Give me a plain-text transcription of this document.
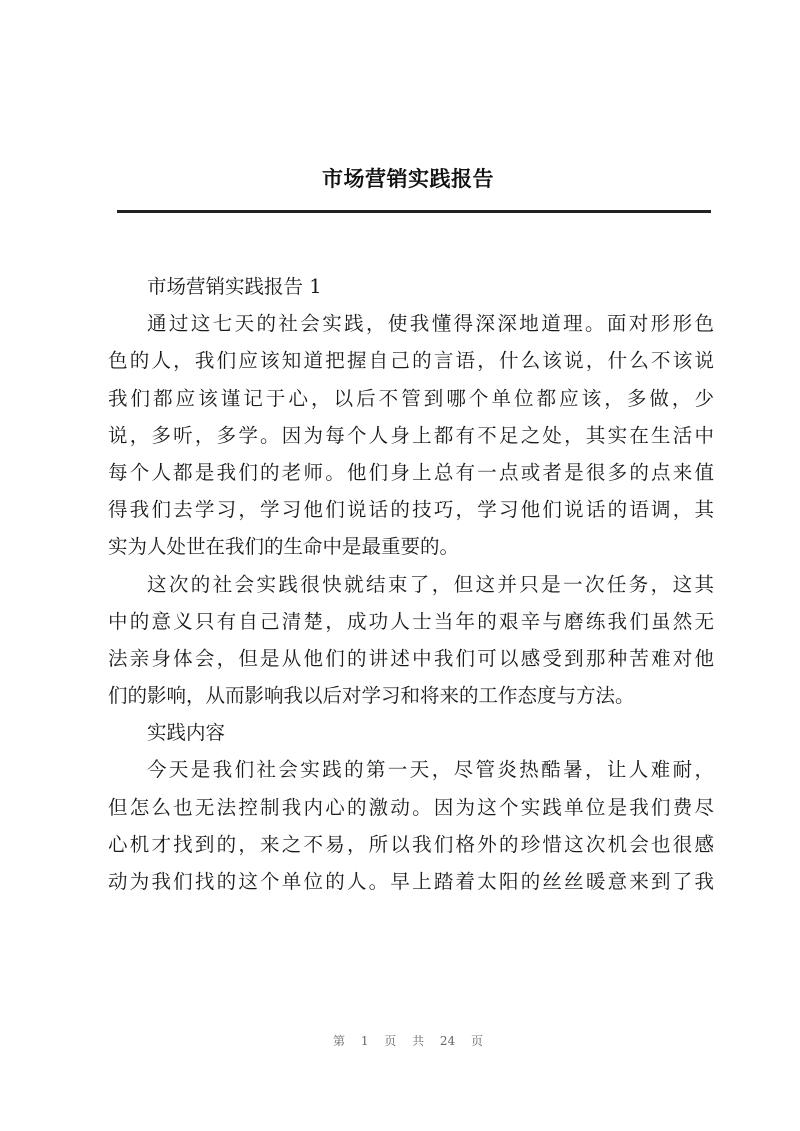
市场营销实践报告
市场营销实践报告 1
通过这七天的社会实践，使我懂得深深地道理。面对形形色
色的人，我们应该知道把握自己的言语，什么该说，什么不该说
我们都应该谨记于心，以后不管到哪个单位都应该，多做，少
说，多听，多学。因为每个人身上都有不足之处，其实在生活中
每个人都是我们的老师。他们身上总有一点或者是很多的点来值
得我们去学习，学习他们说话的技巧，学习他们说话的语调，其
实为人处世在我们的生命中是最重要的。
这次的社会实践很快就结束了，但这并只是一次任务，这其
中的意义只有自己清楚，成功人士当年的艰辛与磨练我们虽然无
法亲身体会，但是从他们的讲述中我们可以感受到那种苦难对他
们的影响，从而影响我以后对学习和将来的工作态度与方法。
实践内容
今天是我们社会实践的第一天，尽管炎热酷暑，让人难耐，
但怎么也无法控制我内心的激动。因为这个实践单位是我们费尽
心机才找到的，来之不易，所以我们格外的珍惜这次机会也很感
动为我们找的这个单位的人。早上踏着太阳的丝丝暖意来到了我
第 1 页 共 24 页
